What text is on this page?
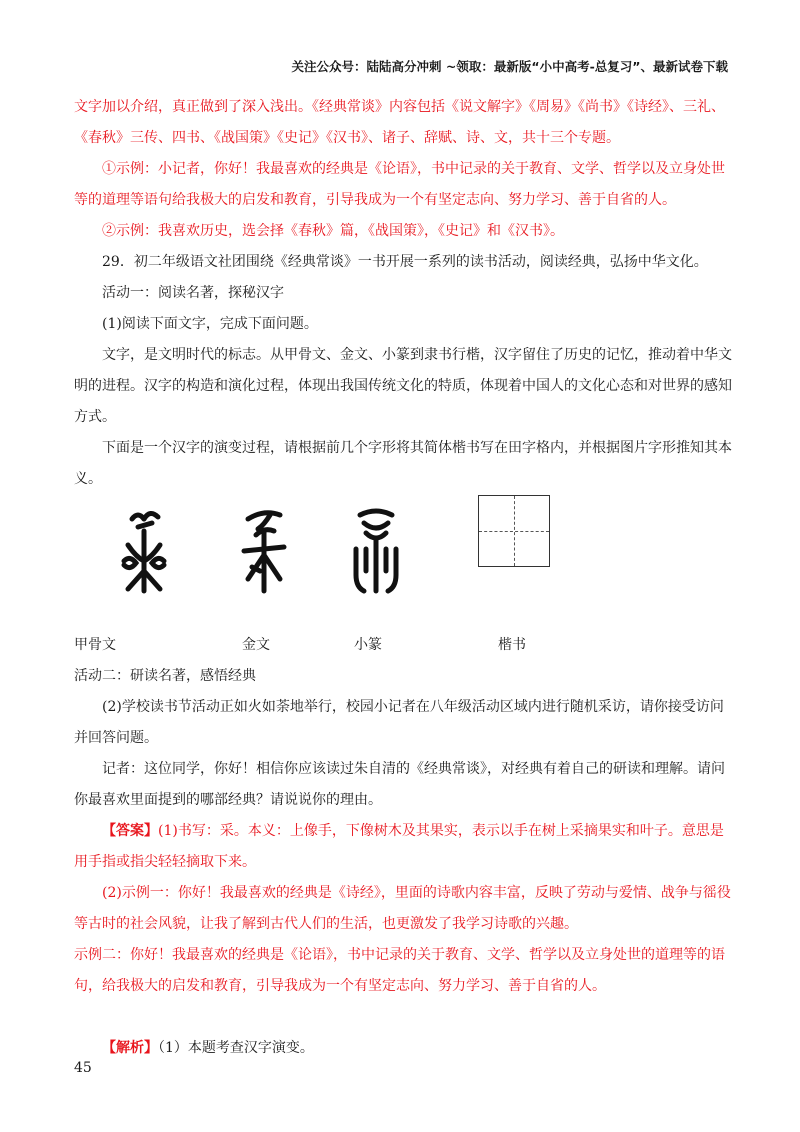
关注公众号：陆陆高分冲刺 ~领取：最新版“小中高考-总复习”、最新试卷下载

文字加以介绍，真正做到了深入浅出。《经典常谈》内容包括《说文解字》《周易》《尚书》《诗经》、三礼、《春秋》三传、四书、《战国策》《史记》《汉书》、诸子、辞赋、诗、文，共十三个专题。

①示例：小记者，你好！我最喜欢的经典是《论语》，书中记录的关于教育、文学、哲学以及立身处世等的道理等语句给我极大的启发和教育，引导我成为一个有坚定志向、努力学习、善于自省的人。

②示例：我喜欢历史，选会择《春秋》篇，《战国策》，《史记》和《汉书》。

29．初二年级语文社团围绕《经典常谈》一书开展一系列的读书活动，阅读经典，弘扬中华文化。

活动一：阅读名著，探秘汉字

(1)阅读下面文字，完成下面问题。

文字，是文明时代的标志。从甲骨文、金文、小篆到隶书行楷，汉字留住了历史的记忆，推动着中华文明的进程。汉字的构造和演化过程，体现出我国传统文化的特质，体现着中国人的文化心态和对世界的感知方式。

下面是一个汉字的演变过程，请根据前几个字形将其简体楷书写在田字格内，并根据图片字形推知其本义。

甲骨文	金文	小篆	楷书

活动二：研读名著，感悟经典

(2)学校读书节活动正如火如荼地举行，校园小记者在八年级活动区域内进行随机采访，请你接受访问并回答问题。

记者：这位同学，你好！相信你应该读过朱自清的《经典常谈》，对经典有着自己的研读和理解。请问你最喜欢里面提到的哪部经典？请说说你的理由。

【答案】(1)书写：采。本义：上像手，下像树木及其果实，表示以手在树上采摘果实和叶子。意思是用手指或指尖轻轻摘取下来。

(2)示例一：你好！我最喜欢的经典是《诗经》，里面的诗歌内容丰富，反映了劳动与爱情、战争与徭役等古时的社会风貌，让我了解到古代人们的生活，也更激发了我学习诗歌的兴趣。

示例二：你好！我最喜欢的经典是《论语》，书中记录的关于教育、文学、哲学以及立身处世的道理等的语句，给我极大的启发和教育，引导我成为一个有坚定志向、努力学习、善于自省的人。

【解析】（1）本题考查汉字演变。

45
